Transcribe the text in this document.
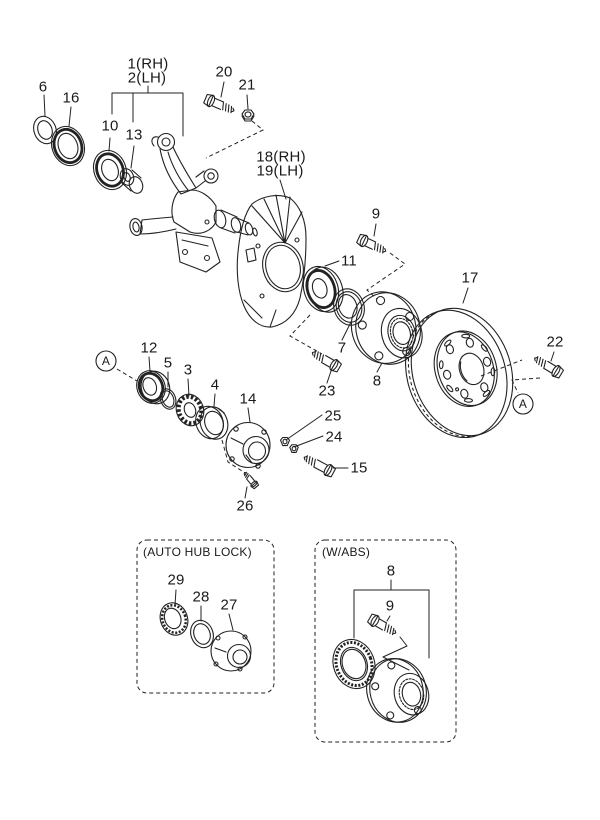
1(RH)
2(LH)
6
16
10
13
20
21
18(RH)
19(LH)
9
11
17
22
7
8
23
12
5 3
4
14
25
24
15
26
A
A
(AUTO HUB LOCK)
29
28 27
(W/ABS)
8
9
